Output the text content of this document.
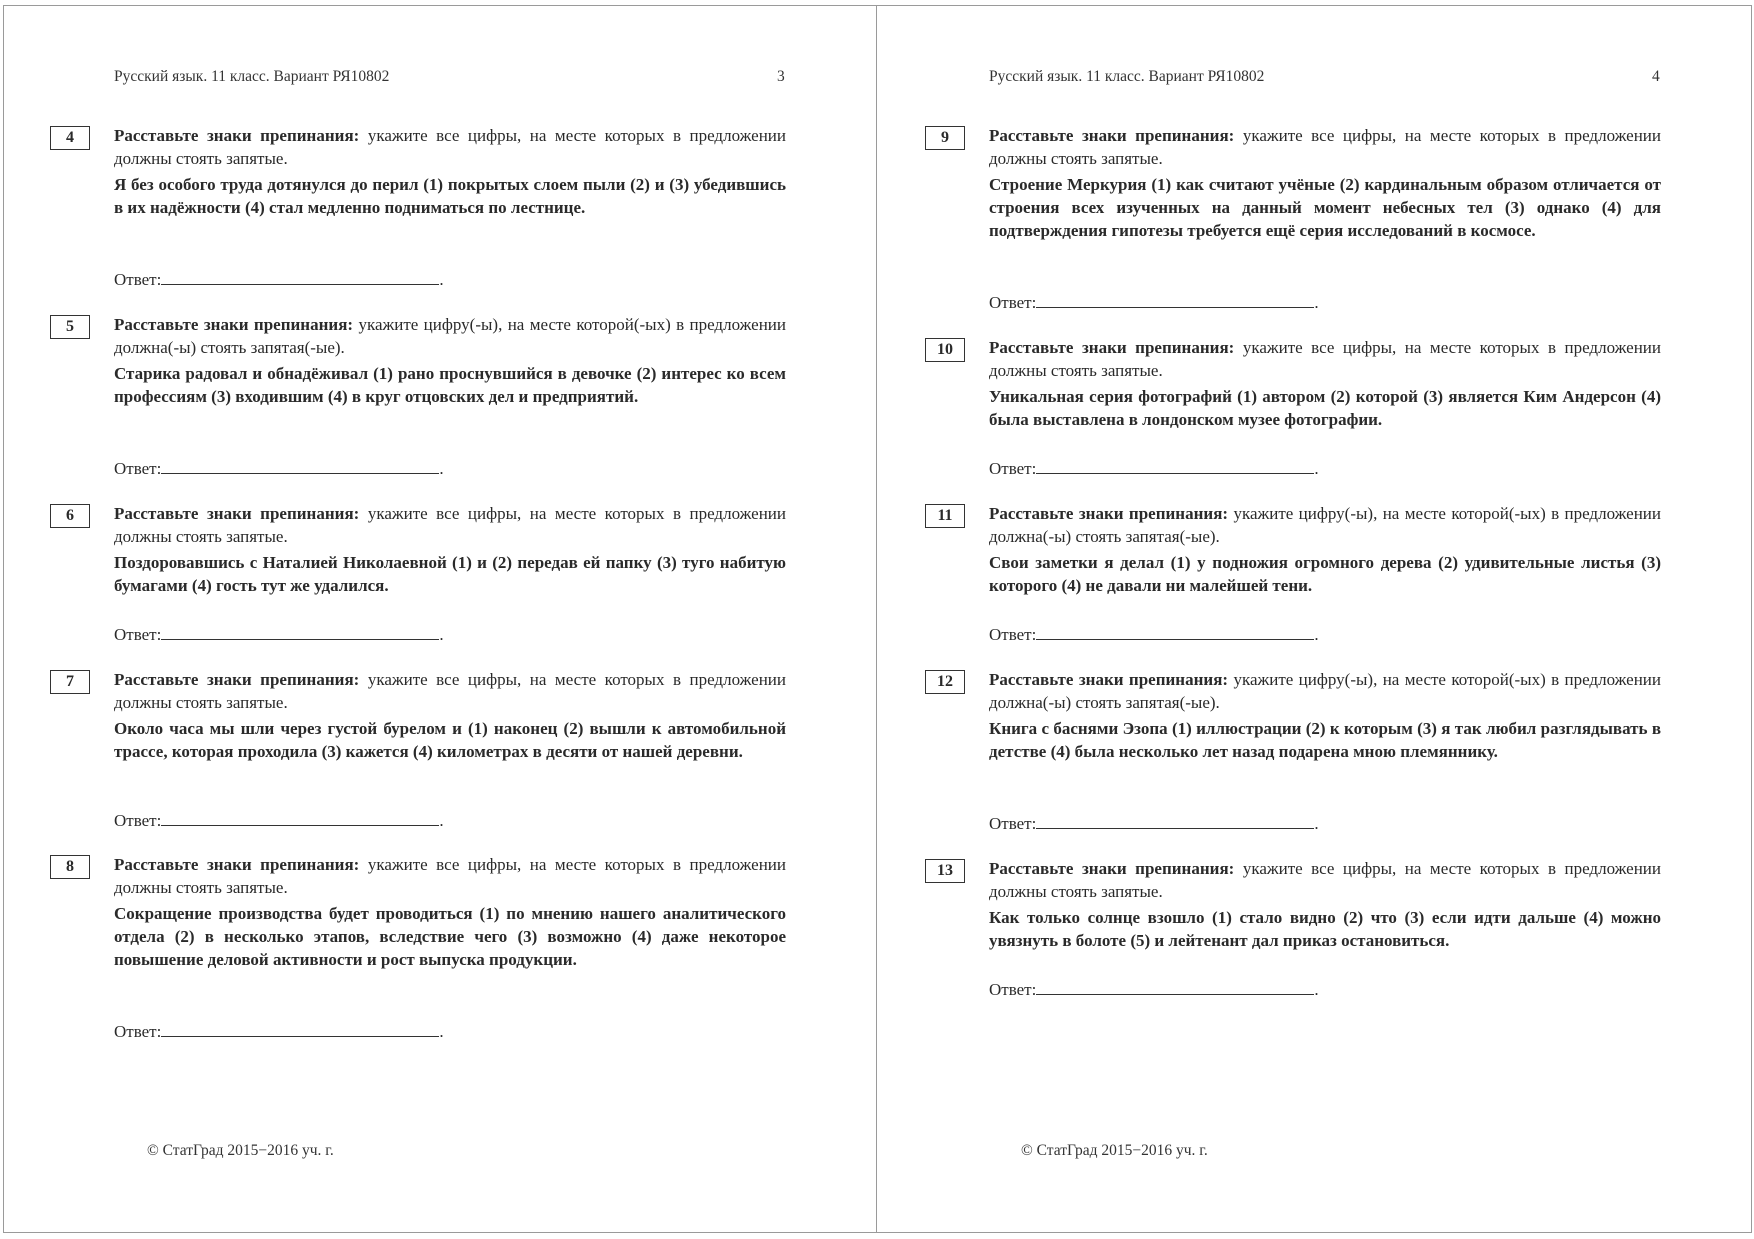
Русский язык. 11 класс. Вариант РЯ10802	3
4	Расставьте знаки препинания: укажите все цифры, на месте которых в предложении должны стоять запятые.

Я без особого труда дотянулся до перил (1) покрытых слоем пыли (2) и (3) убедившись в их надёжности (4) стал медленно подниматься по лестнице.

Ответ:	.
5	Расставьте знаки препинания: укажите цифру(-ы), на месте которой(-ых) в предложении должна(-ы) стоять запятая(-ые).

Старика радовал и обнадёживал (1) рано проснувшийся в девочке (2) интерес ко всем профессиям (3) входившим (4) в круг отцовских дел и предприятий.

Ответ:	.
6	Расставьте знаки препинания: укажите все цифры, на месте которых в предложении должны стоять запятые.

Поздоровавшись с Наталией Николаевной (1) и (2) передав ей папку (3) туго набитую бумагами (4) гость тут же удалился.

Ответ:	.
7	Расставьте знаки препинания: укажите все цифры, на месте которых в предложении должны стоять запятые.

Около часа мы шли через густой бурелом и (1) наконец (2) вышли к автомобильной трассе, которая проходила (3) кажется (4) километрах в десяти от нашей деревни.

Ответ:	.
8	Расставьте знаки препинания: укажите все цифры, на месте которых в предложении должны стоять запятые.

Сокращение производства будет проводиться (1) по мнению нашего аналитического отдела (2) в несколько этапов, вследствие чего (3) возможно (4) даже некоторое повышение деловой активности и рост выпуска продукции.

Ответ:	.
© СтатГрад 2015−2016 уч. г.
Русский язык. 11 класс. Вариант РЯ10802	4
9	Расставьте знаки препинания: укажите все цифры, на месте которых в предложении должны стоять запятые.

Строение Меркурия (1) как считают учёные (2) кардинальным образом отличается от строения всех изученных на данный момент небесных тел (3) однако (4) для подтверждения гипотезы требуется ещё серия исследований в космосе.

Ответ:	.
10	Расставьте знаки препинания: укажите все цифры, на месте которых в предложении должны стоять запятые.

Уникальная серия фотографий (1) автором (2) которой (3) является Ким Андерсон (4) была выставлена в лондонском музее фотографии.

Ответ:	.
11	Расставьте знаки препинания: укажите цифру(-ы), на месте которой(-ых) в предложении должна(-ы) стоять запятая(-ые).

Свои заметки я делал (1) у подножия огромного дерева (2) удивительные листья (3) которого (4) не давали ни малейшей тени.

Ответ:	.
12	Расставьте знаки препинания: укажите цифру(-ы), на месте которой(-ых) в предложении должна(-ы) стоять запятая(-ые).

Книга с баснями Эзопа (1) иллюстрации (2) к которым (3) я так любил разглядывать в детстве (4) была несколько лет назад подарена мною племяннику.

Ответ:	.
13	Расставьте знаки препинания: укажите все цифры, на месте которых в предложении должны стоять запятые.

Как только солнце взошло (1) стало видно (2) что (3) если идти дальше (4) можно увязнуть в болоте (5) и лейтенант дал приказ остановиться.

Ответ:	.
© СтатГрад 2015−2016 уч. г.
